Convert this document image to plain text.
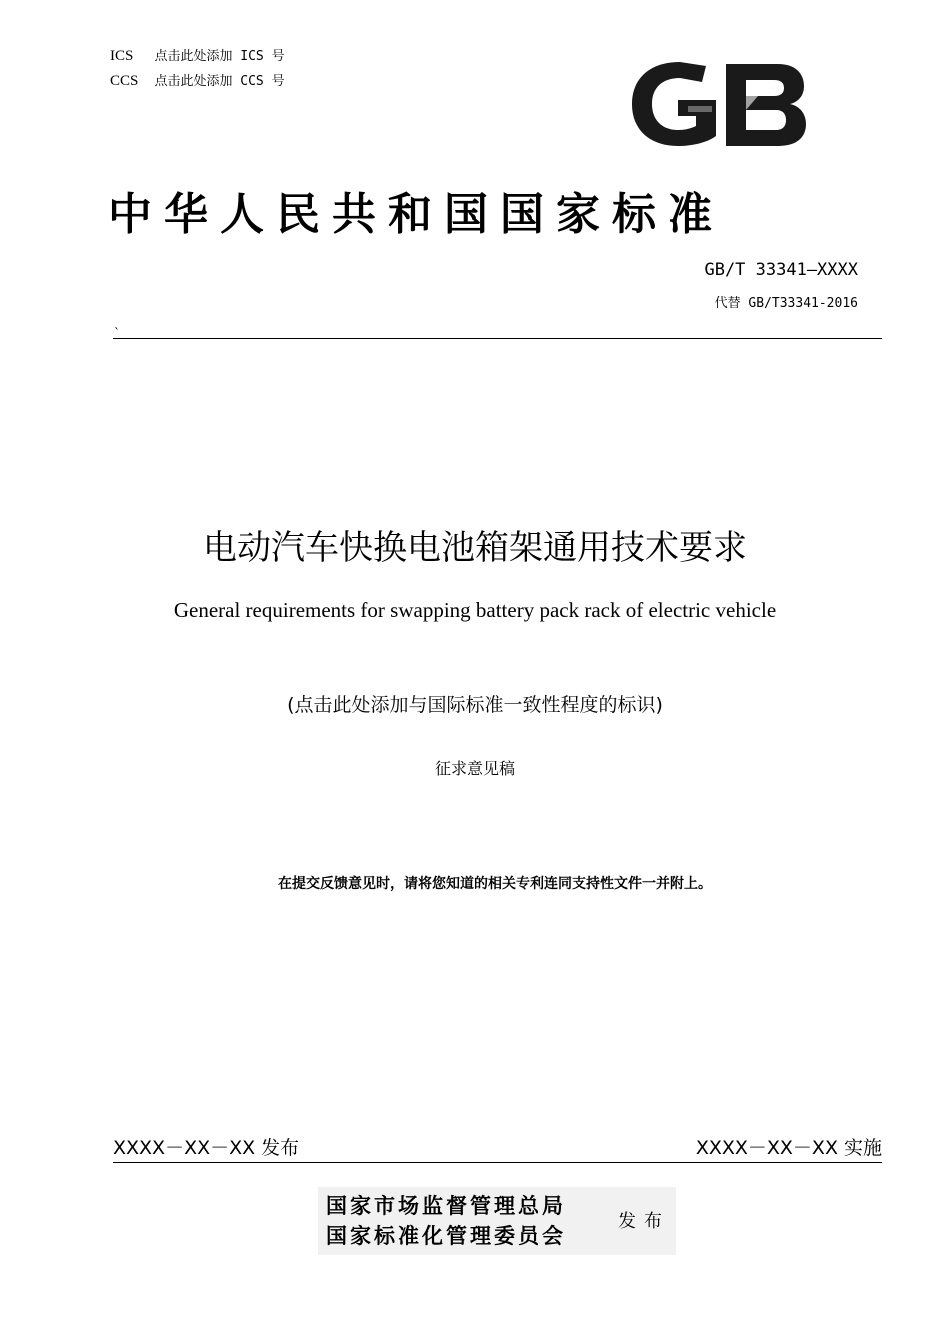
ICS 点击此处添加 ICS 号
CCS 点击此处添加 CCS 号
中华人民共和国国家标准
GB/T 33341—XXXX
代替 GB/T33341-2016
`
电动汽车快换电池箱架通用技术要求
General requirements for swapping battery pack rack of electric vehicle
(点击此处添加与国际标准一致性程度的标识)
征求意见稿
在提交反馈意见时，请将您知道的相关专利连同支持性文件一并附上。
XXXX－XX－XX 发布	XXXX－XX－XX 实施
国家市场监督管理总局
国家标准化管理委员会
发布
